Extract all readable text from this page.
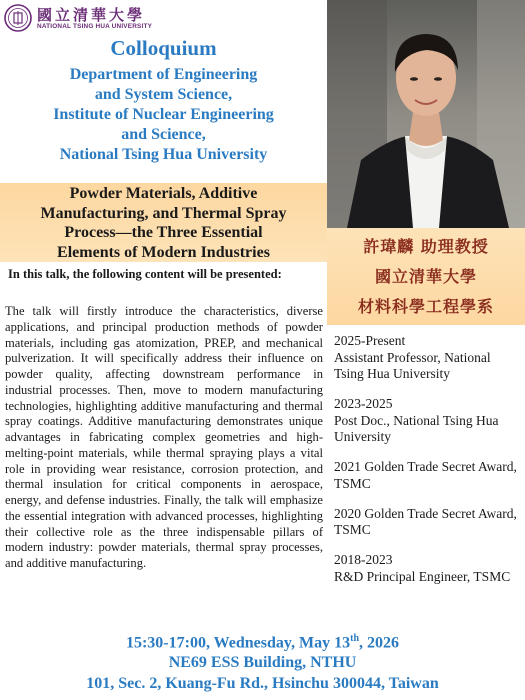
國立清華大學
NATIONAL TSING HUA UNIVERSITY
Colloquium
Department of Engineering
and System Science,
Institute of Nuclear Engineering
and Science,
National Tsing Hua University
Powder Materials, Additive
Manufacturing, and Thermal Spray
Process—the Three Essential
Elements of Modern Industries	許瑋麟 助理教授
國立清華大學
材料科學工程學系
In this talk, the following content will be presented:
The talk will firstly introduce the characteristics, diverse applications, and principal production methods of powder materials, including gas atomization, PREP, and mechanical pulverization. It will specifically address their influence on powder quality, affecting downstream performance in industrial processes. Then, move to modern manufacturing technologies, highlighting additive manufacturing and thermal spray coatings. Additive manufacturing demonstrates unique advantages in fabricating complex geometries and high-melting-point materials, while thermal spraying plays a vital role in providing wear resistance, corrosion protection, and thermal insulation for critical components in aerospace, energy, and defense industries. Finally, the talk will emphasize the essential integration with advanced processes, highlighting their collective role as the three indispensable pillars of modern industry: powder materials, thermal spray processes, and additive manufacturing.
2025-Present
Assistant Professor, National Tsing Hua University
2023-2025
Post Doc., National Tsing Hua University
2021 Golden Trade Secret Award, TSMC
2020 Golden Trade Secret Award, TSMC
2018-2023
R&D Principal Engineer, TSMC
15:30-17:00, Wednesday, May 13th, 2026
NE69 ESS Building, NTHU
101, Sec. 2, Kuang-Fu Rd., Hsinchu 300044, Taiwan
